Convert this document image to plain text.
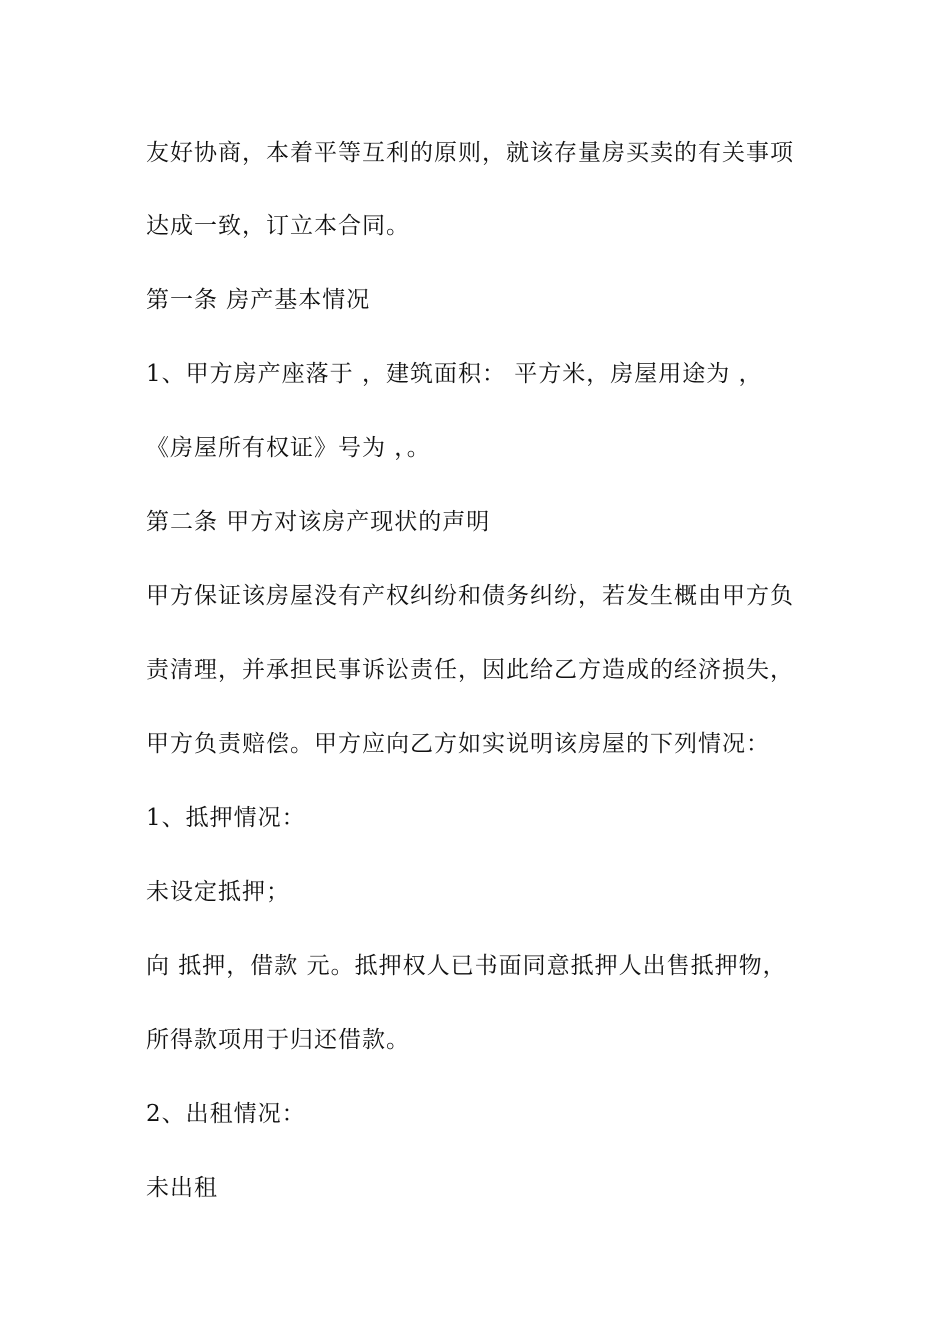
友好协商，本着平等互利的原则，就该存量房买卖的有关事项
达成一致，订立本合同。
第一条 房产基本情况
1、甲方房产座落于 ，建筑面积： 平方米，房屋用途为 ，
《房屋所有权证》号为 ，。
第二条 甲方对该房产现状的声明
甲方保证该房屋没有产权纠纷和债务纠纷，若发生概由甲方负
责清理，并承担民事诉讼责任，因此给乙方造成的经济损失，
甲方负责赔偿。甲方应向乙方如实说明该房屋的下列情况：
1、抵押情况：
未设定抵押；
向 抵押，借款 元。抵押权人已书面同意抵押人出售抵押物，
所得款项用于归还借款。
2、出租情况：
未出租
